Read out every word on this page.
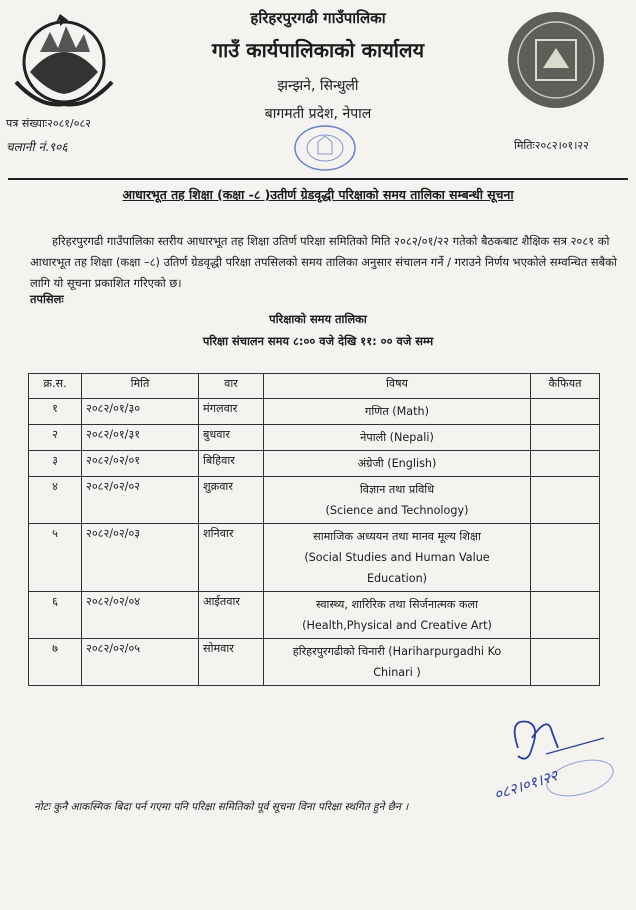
हरिहरपुरगढी गाउँपालिका
गाउँ कार्यपालिकाको कार्यालय
झन्झने, सिन्धुली
बागमती प्रदेश, नेपाल
पत्र संख्याः२०८१/०८२
चलानी नं.९०६	मितिः२०८२।०१।२२
आधारभूत तह शिक्षा (कक्षा -८ )उतीर्ण ग्रेडवृद्धी परिक्षाको समय तालिका सम्बन्धी सूचना
हरिहरपुरगढी गाउँपालिका स्तरीय आधारभूत तह शिक्षा उतिर्ण परिक्षा समितिको मिति २०८२/०१/२२ गतेको बैठकबाट शैक्षिक सत्र २०८१ को आधारभूत तह शिक्षा (कक्षा –८) उतिर्ण ग्रेडवृद्धी परिक्षा तपसिलको समय तालिका अनुसार संचालन गर्ने / गराउने निर्णय भएकोले सम्वन्धित सबैको लागि यो सूचना प्रकाशित गरिएको छ।
तपसिलः
परिक्षाको समय तालिका
परिक्षा संचालन समय ८:०० वजे देखि ११: ०० वजे सम्म
क्र.स.	मिति	वार	विषय	कैफियत
१	२०८२/०१/३०	मंगलवार	गणित (Math)	
२	२०८२/०१/३१	बुधवार	नेपाली (Nepali)	
३	२०८२/०२/०१	बिहिवार	अंग्रेजी (English)	
४	२०८२/०२/०२	शुक्रवार	विज्ञान तथा प्रविधि
(Science and Technology)	
५	२०८२/०२/०३	शनिवार	सामाजिक अध्ययन तथा मानव मूल्य शिक्षा
(Social Studies and Human Value
Education)	
६	२०८२/०२/०४	आईतवार	स्वास्थ्य, शारिरिक तथा सिर्जनात्मक कला
(Health,Physical and Creative Art)	
७	२०८२/०२/०५	सोमवार	हरिहरपुरगढीको चिनारी (Hariharpurgadhi Ko
Chinari )	
०८२।०१।२२
नोटः कुनै आकस्मिक बिदा पर्न गएमा पनि परिक्षा समितिको पूर्व सूचना विना परिक्षा स्थगित हुने छैन ।
